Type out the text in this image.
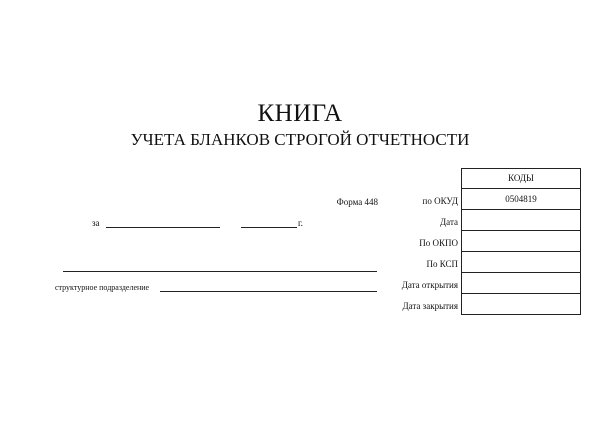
КНИГА
УЧЕТА БЛАНКОВ СТРОГОЙ ОТЧЕТНОСТИ
Форма 448
за	г.
структурное подразделение
по ОКУД
Дата
По ОКПО
По КСП
Дата открытия
Дата закрытия
КОДЫ
0504819
